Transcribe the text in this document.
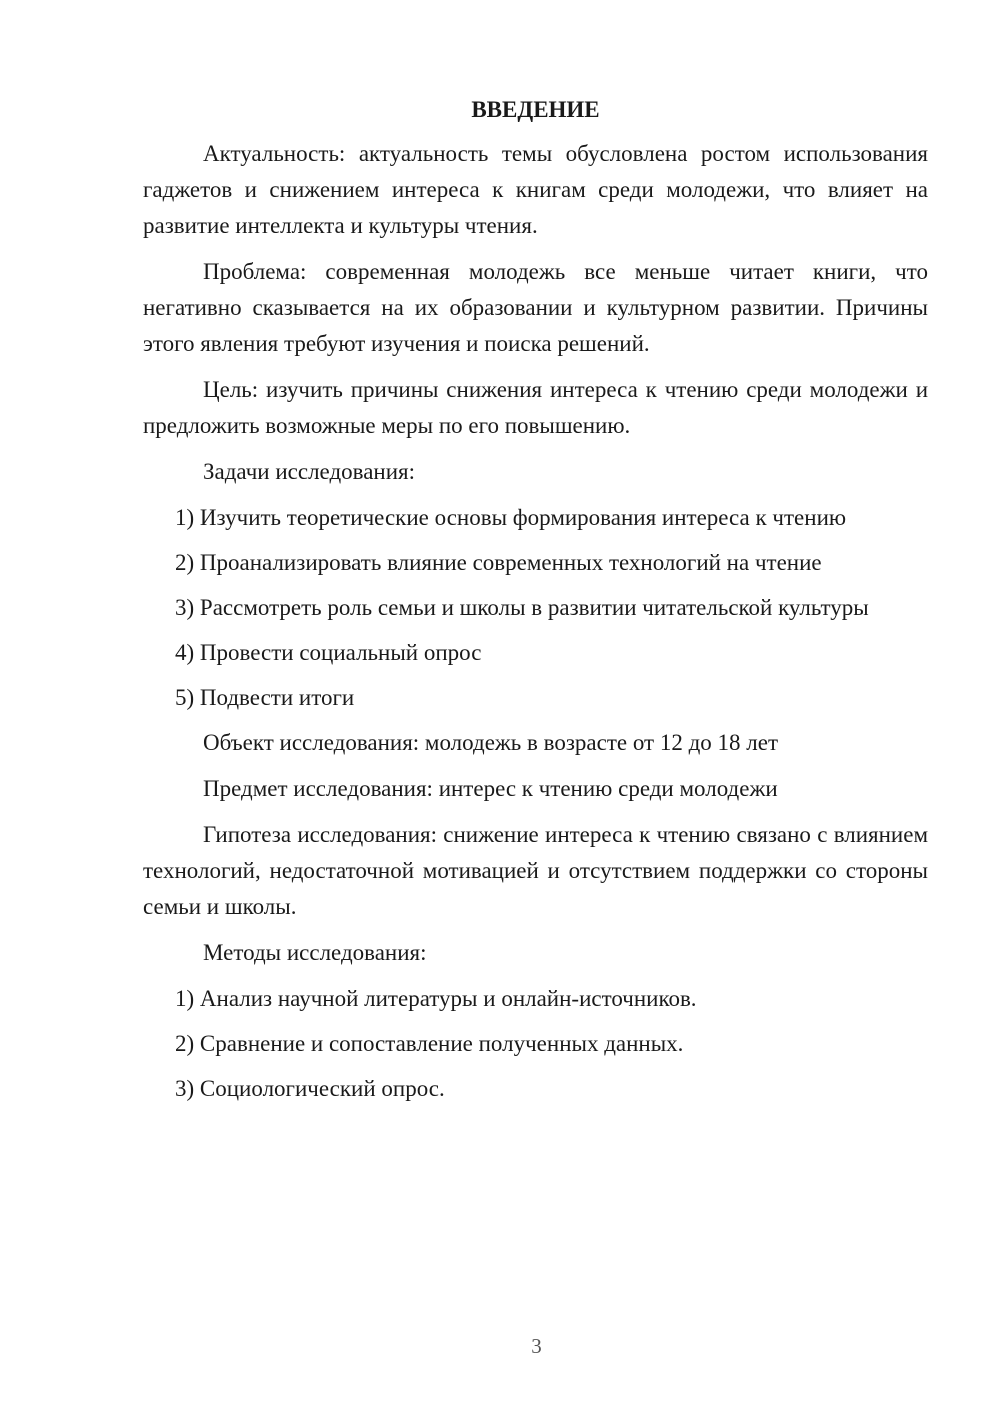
ВВЕДЕНИЕ
Актуальность: актуальность темы обусловлена ростом использования гаджетов и снижением интереса к книгам среди молодежи, что влияет на развитие интеллекта и культуры чтения.
Проблема: современная молодежь все меньше читает книги, что негативно сказывается на их образовании и культурном развитии. Причины этого явления требуют изучения и поиска решений.
Цель: изучить причины снижения интереса к чтению среди молодежи и предложить возможные меры по его повышению.
Задачи исследования:
1) Изучить теоретические основы формирования интереса к чтению
2) Проанализировать влияние современных технологий на чтение
3) Рассмотреть роль семьи и школы в развитии читательской культуры
4) Провести социальный опрос
5) Подвести итоги
Объект исследования: молодежь в возрасте от 12 до 18 лет
Предмет исследования: интерес к чтению среди молодежи
Гипотеза исследования: снижение интереса к чтению связано с влиянием технологий, недостаточной мотивацией и отсутствием поддержки со стороны семьи и школы.
Методы исследования:
1) Анализ научной литературы и онлайн-источников.
2) Сравнение и сопоставление полученных данных.
3) Социологический опрос.
3
